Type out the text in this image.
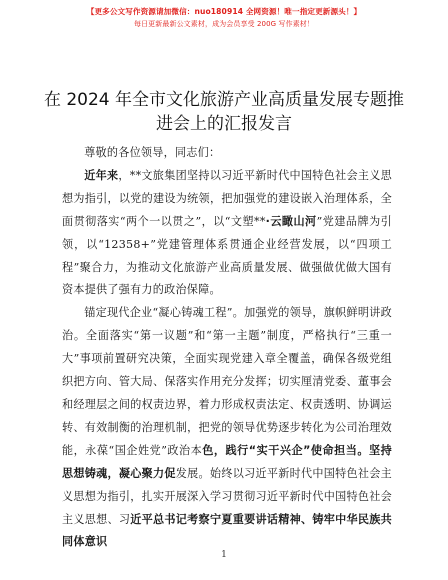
【更多公文写作资源请加微信：nuo180914 全网资源！唯一指定更新源头！】
每日更新最新公文素材，成为会员享受 200G 写作素材！
在 2024 年全市文化旅游产业高质量发展专题推进会上的汇报发言

尊敬的各位领导，同志们：

近年来，**文旅集团坚持以习近平新时代中国特色社会主义思想为指引，以党的建设为统领，把加强党的建设嵌入治理体系，全面贯彻落实“两个一以贯之”，以“文塑**·云瞰山河”党建品牌为引领，以“12358+”党建管理体系贯通企业经营发展，以“四项工程”聚合力，为推动文化旅游产业高质量发展、做强做优做大国有资本提供了强有力的政治保障。

锚定现代企业“凝心铸魂工程”。加强党的领导，旗帜鲜明讲政治。全面落实“第一议题”和“第一主题”制度，严格执行“三重一大”事项前置研究决策，全面实现党建入章全覆盖，确保各级党组织把方向、管大局、保落实作用充分发挥；切实厘清党委、董事会和经理层之间的权责边界，着力形成权责法定、权责透明、协调运转、有效制衡的治理机制，把党的领导优势逐步转化为公司治理效能，永葆“国企姓党”政治本色，践行“实干兴企”使命担当。坚持思想铸魂，凝心聚力促发展。始终以习近平新时代中国特色社会主义思想为指引，扎实开展深入学习贯彻习近平新时代中国特色社会主义思想、习近平总书记考察宁夏重要讲话精神、铸牢中华民族共同体意识

1
